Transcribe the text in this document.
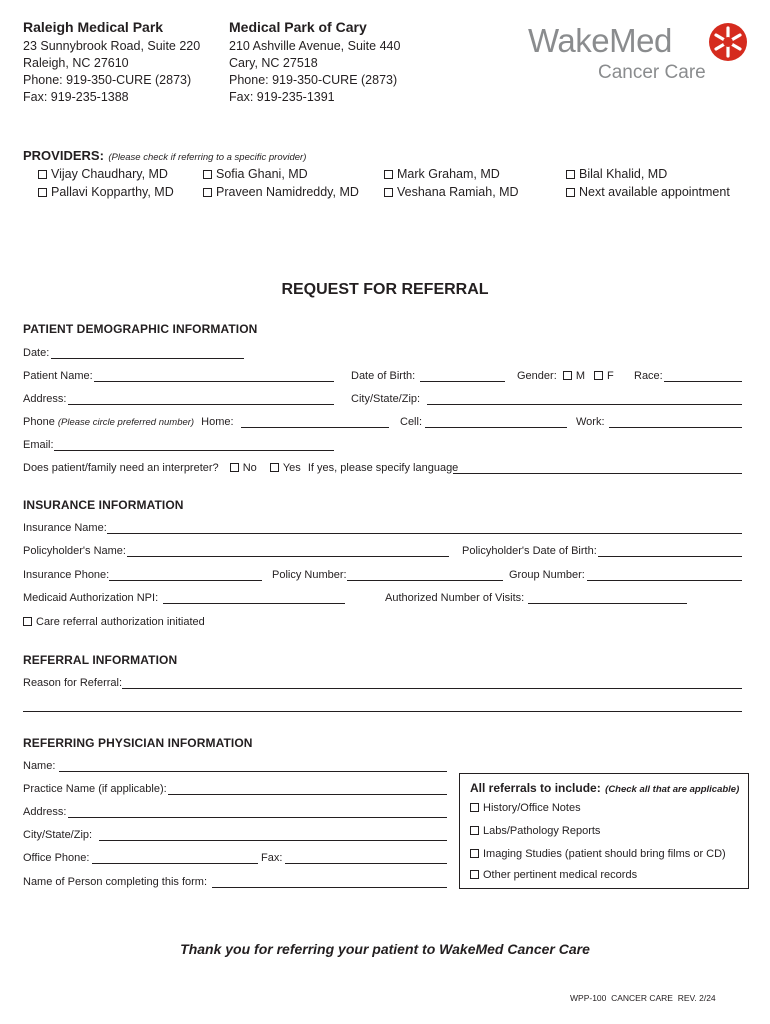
Raleigh Medical Park
23 Sunnybrook Road, Suite 220
Raleigh, NC 27610
Phone: 919-350-CURE (2873)
Fax: 919-235-1388
Medical Park of Cary
210 Ashville Avenue, Suite 440
Cary, NC 27518
Phone: 919-350-CURE (2873)
Fax: 919-235-1391
WakeMed
Cancer Care
PROVIDERS: (Please check if referring to a specific provider)
Vijay Chaudhary, MD	Sofia Ghani, MD	Mark Graham, MD	Bilal Khalid, MD
Pallavi Kopparthy, MD	Praveen Namidreddy, MD	Veshana Ramiah, MD	Next available appointment
REQUEST FOR REFERRAL
PATIENT DEMOGRAPHIC INFORMATION
Date:
Patient Name:	Date of Birth:	Gender: M F Race:
Address:	City/State/Zip:
Phone (Please circle preferred number) Home:	Cell:	Work:
Email:
Does patient/family need an interpreter? No Yes If yes, please specify language
INSURANCE INFORMATION
Insurance Name:
Policyholder's Name:	Policyholder's Date of Birth:
Insurance Phone:	Policy Number:	Group Number:
Medicaid Authorization NPI:	Authorized Number of Visits:
Care referral authorization initiated
REFERRAL INFORMATION
Reason for Referral:
REFERRING PHYSICIAN INFORMATION
Name:
Practice Name (if applicable):
Address:
City/State/Zip:
Office Phone:	Fax:
Name of Person completing this form:
All referrals to include: (Check all that are applicable)
History/Office Notes
Labs/Pathology Reports
Imaging Studies (patient should bring films or CD)
Other pertinent medical records
Thank you for referring your patient to WakeMed Cancer Care
WPP-100  CANCER CARE  REV. 2/24
